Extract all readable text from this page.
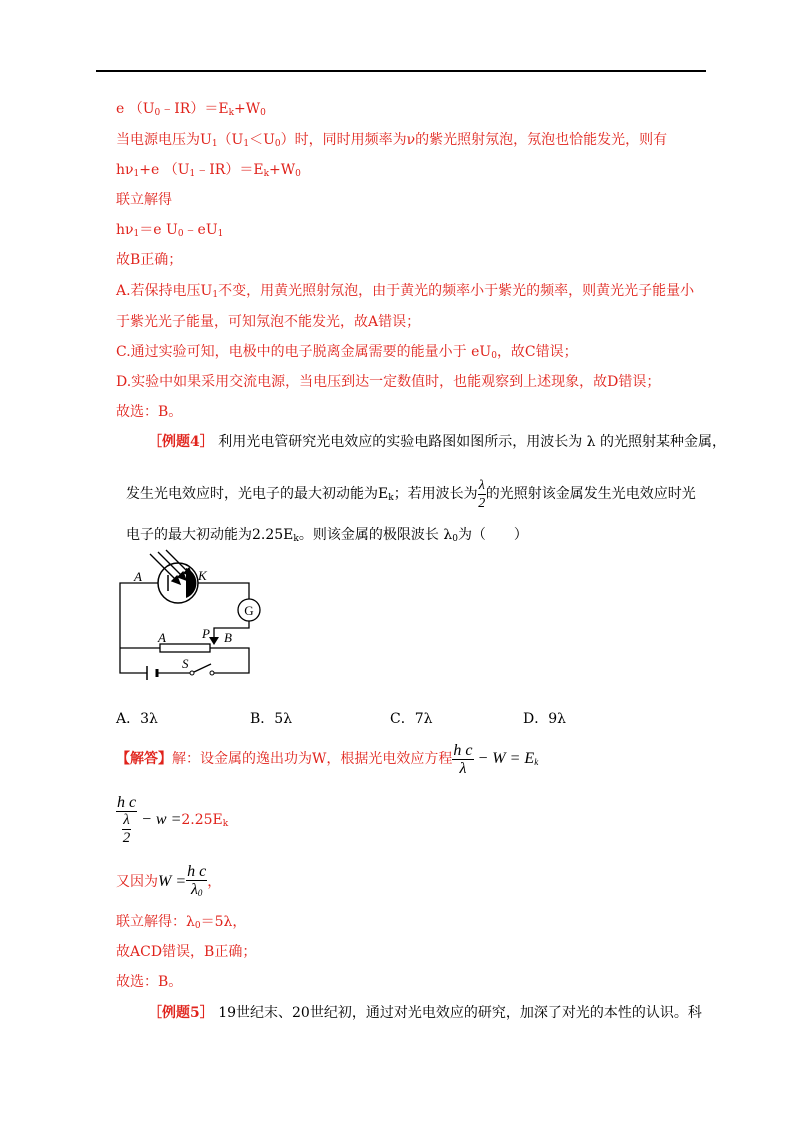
e $(U_0﹣IR)=E_k+W_0$
当电源电压为$U_1(U_1<U_0)$时，同时用频率为ν的紫光照射氖泡，氖泡也恰能发光，则有
$h\nu_1+e$ $(U_1﹣IR)=E_k+W_0$
联立解得
$h\nu_1=e$ $U_0﹣eU_1$
故B正确；
A.若保持电压$U_1$不变，用黄光照射氖泡，由于黄光的频率小于紫光的频率，则黄光光子能量小
于紫光光子能量，可知氖泡不能发光，故A错误；
C.通过实验可知，电极中的电子脱离金属需要的能量小于 $eU_0$，故C错误；
D.实验中如果采用交流电源，当电压到达一定数值时，也能观察到上述现象，故D错误；
故选：B。
［例题4］ 利用光电管研究光电效应的实验电路图如图所示，用波长为 λ 的光照射某种金属，
发生光电效应时，光电子的最大初动能为$E_k$；若用波长为 $\frac{\lambda}{2}$ 的光照射该金属发生光电效应时光
电子的最大初动能为$2.25E_k$。则该金属的极限波长 $\lambda_0$为（　　）
A	K
G
P
A	B
S
A．3λ	B．5λ	C．7λ	D．9λ
【解答】解：设金属的逸出功为W，根据光电效应方程 $\frac{\text{h c}}{\lambda} - W = E_k$
$\frac{\text{h c}}{\frac{\lambda}{2}} - w =2.25E_k$
又因为$W = \frac{\text{h c}}{\lambda_0}$ ，
联立解得：$\lambda_0=5\lambda$，
故ACD错误，B正确；
故选：B。
［例题5］ 19世纪末、20世纪初，通过对光电效应的研究，加深了对光的本性的认识。科
